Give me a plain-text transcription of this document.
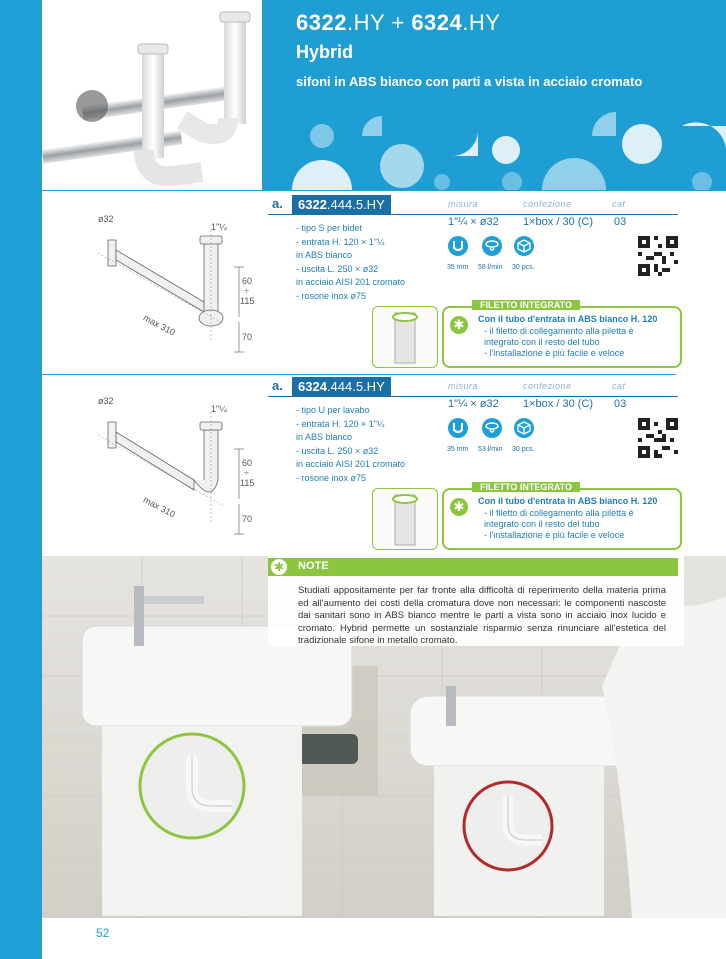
6322.HY + 6324.HY
Hybrid
sifoni in ABS bianco con parti a vista in acciaio cromato
a.	6322.444.5.HY	misura	confezione	cat
1"¼ × ø32 1×box / 30 (C) 03
- tipo S per bidet
- entrata H. 120 × 1"¼
in ABS bianco
- uscita L. 250 × ø32
in acciaio AISI 201 cromato
- rosone inox ø75
35 mm 58 l/min 30 pcs.
ø32
1"¼
60
÷
115
max 310	70
FILETTO INTEGRATO
✱	Con il tubo d'entrata in ABS bianco H. 120
- il filetto di collegamento alla piletta è
integrato con il resto del tubo
- l'installazione è più facile e veloce
a.	6324.444.5.HY	misura	confezione	cat
1"¼ × ø32 1×box / 30 (C) 03
- tipo U per lavabo
- entrata H. 120 × 1"¼
in ABS bianco
- uscita L. 250 × ø32
in acciaio AISI 201 cromato
- rosone inox ø75
35 mm 53 l/min 30 pcs.
ø32
1"¼
60
÷
115
max 310	70
FILETTO INTEGRATO
✱	Con il tubo d'entrata in ABS bianco H. 120
- il filetto di collegamento alla piletta è
integrato con il resto del tubo
- l'installazione è più facile e veloce
✱ NOTE
Studiati appositamente per far fronte alla difficoltà di reperimento della materia prima ed all'aumento dei costi della cromatura dove non necessari: le componenti nascoste dai sanitari sono in ABS bianco mentre le parti a vista sono in acciaio inox lucido e cromato. Hybrid permette un sostanziale risparmio senza rinunciare all'estetica del tradizionale sifone in metallo cromato.
52
